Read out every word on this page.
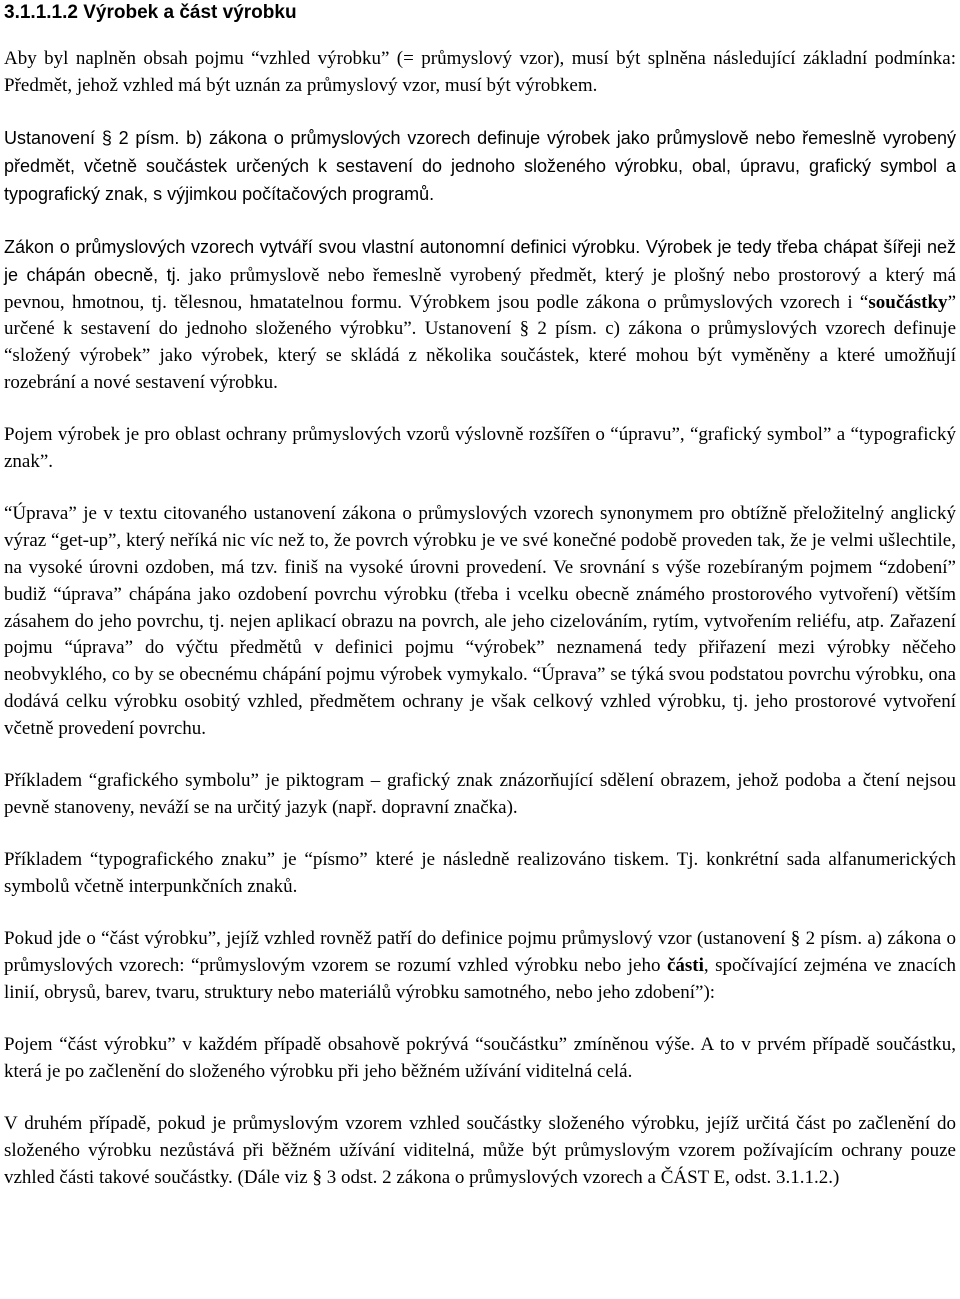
3.1.1.1.2 Výrobek a část výrobku

Aby byl naplněn obsah pojmu “vzhled výrobku” (= průmyslový vzor), musí být splněna následující základní podmínka: Předmět, jehož vzhled má být uznán za průmyslový vzor, musí být výrobkem.

Ustanovení § 2 písm. b) zákona o průmyslových vzorech definuje výrobek jako průmyslově nebo řemeslně vyrobený předmět, včetně součástek určených k sestavení do jednoho složeného výrobku, obal, úpravu, grafický symbol a typografický znak, s výjimkou počítačových programů.

Zákon o průmyslových vzorech vytváří svou vlastní autonomní definici výrobku. Výrobek je tedy třeba chápat šířeji než je chápán obecně, tj. jako průmyslově nebo řemeslně vyrobený předmět, který je plošný nebo prostorový a který má pevnou, hmotnou, tj. tělesnou, hmatatelnou formu. Výrobkem jsou podle zákona o průmyslových vzorech i “součástky” určené k sestavení do jednoho složeného výrobku”. Ustanovení § 2 písm. c) zákona o průmyslových vzorech definuje “složený výrobek” jako výrobek, který se skládá z několika součástek, které mohou být vyměněny a které umožňují rozebrání a nové sestavení výrobku.

Pojem výrobek je pro oblast ochrany průmyslových vzorů výslovně rozšířen o “úpravu”, “grafický symbol” a “typografický znak”.

“Úprava” je v textu citovaného ustanovení zákona o průmyslových vzorech synonymem pro obtížně přeložitelný anglický výraz “get-up”, který neříká nic víc než to, že povrch výrobku je ve své konečné podobě proveden tak, že je velmi ušlechtile, na vysoké úrovni ozdoben, má tzv. finiš na vysoké úrovni provedení. Ve srovnání s výše rozebíraným pojmem “zdobení” budiž “úprava” chápána jako ozdobení povrchu výrobku (třeba i vcelku obecně známého prostorového vytvoření) větším zásahem do jeho povrchu, tj. nejen aplikací obrazu na povrch, ale jeho cizelováním, rytím, vytvořením reliéfu, atp. Zařazení pojmu “úprava” do výčtu předmětů v definici pojmu “výrobek” neznamená tedy přiřazení mezi výrobky něčeho neobvyklého, co by se obecnému chápání pojmu výrobek vymykalo. “Úprava” se týká svou podstatou povrchu výrobku, ona dodává celku výrobku osobitý vzhled, předmětem ochrany je však celkový vzhled výrobku, tj. jeho prostorové vytvoření včetně provedení povrchu.

Příkladem “grafického symbolu” je piktogram – grafický znak znázorňující sdělení obrazem, jehož podoba a čtení nejsou pevně stanoveny, neváží se na určitý jazyk (např. dopravní značka).

Příkladem “typografického znaku” je “písmo” které je následně realizováno tiskem. Tj. konkrétní sada alfanumerických symbolů včetně interpunkčních znaků.

Pokud jde o “část výrobku”, jejíž vzhled rovněž patří do definice pojmu průmyslový vzor (ustanovení § 2 písm. a) zákona o průmyslových vzorech: “průmyslovým vzorem se rozumí vzhled výrobku nebo jeho části, spočívající zejména ve znacích linií, obrysů, barev, tvaru, struktury nebo materiálů výrobku samotného, nebo jeho zdobení”):

Pojem “část výrobku” v každém případě obsahově pokrývá “součástku” zmíněnou výše. A to v prvém případě součástku, která je po začlenění do složeného výrobku při jeho běžném užívání viditelná celá.

V druhém případě, pokud je průmyslovým vzorem vzhled součástky složeného výrobku, jejíž určitá část po začlenění do složeného výrobku nezůstává při běžném užívání viditelná, může být průmyslovým vzorem požívajícím ochrany pouze vzhled části takové součástky. (Dále viz § 3 odst. 2 zákona o průmyslových vzorech a ČÁST E, odst. 3.1.1.2.)
